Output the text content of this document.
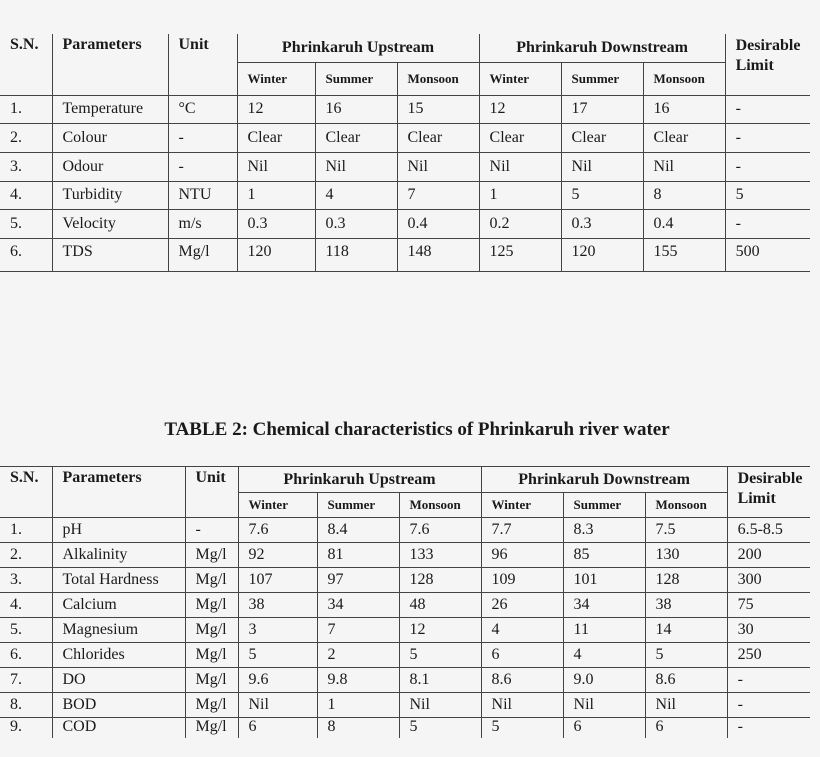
S.N.	Parameters	Unit	Phrinkaruh Upstream			Phrinkaruh Downstream			Desirable
Limit

			Winter	Summer	Monsoon	Winter	Summer	Monsoon	
1.	Temperature	°C	12	16	15	12	17	16	-
2.	Colour	-	Clear	Clear	Clear	Clear	Clear	Clear	-
3.	Odour	-	Nil	Nil	Nil	Nil	Nil	Nil	-
4.	Turbidity	NTU	1	4	7	1	5	8	5
5.	Velocity	m/s	0.3	0.3	0.4	0.2	0.3	0.4	-
6.	TDS	Mg/l	120	118	148	125	120	155	500
TABLE 2: Chemical characteristics of Phrinkaruh river water
S.N.	Parameters	Unit	Phrinkaruh Upstream			Phrinkaruh Downstream			Desirable
Limit

			Winter	Summer	Monsoon	Winter	Summer	Monsoon	
1.	pH	-	7.6	8.4	7.6	7.7	8.3	7.5	6.5-8.5
2.	Alkalinity	Mg/l	92	81	133	96	85	130	200
3.	Total Hardness	Mg/l	107	97	128	109	101	128	300
4.	Calcium	Mg/l	38	34	48	26	34	38	75
5.	Magnesium	Mg/l	3	7	12	4	11	14	30
6.	Chlorides	Mg/l	5	2	5	6	4	5	250
7.	DO	Mg/l	9.6	9.8	8.1	8.6	9.0	8.6	-
8.	BOD	Mg/l	Nil	1	Nil	Nil	Nil	Nil	-
9.	COD	Mg/l	6	8	5	5	6	6	-
